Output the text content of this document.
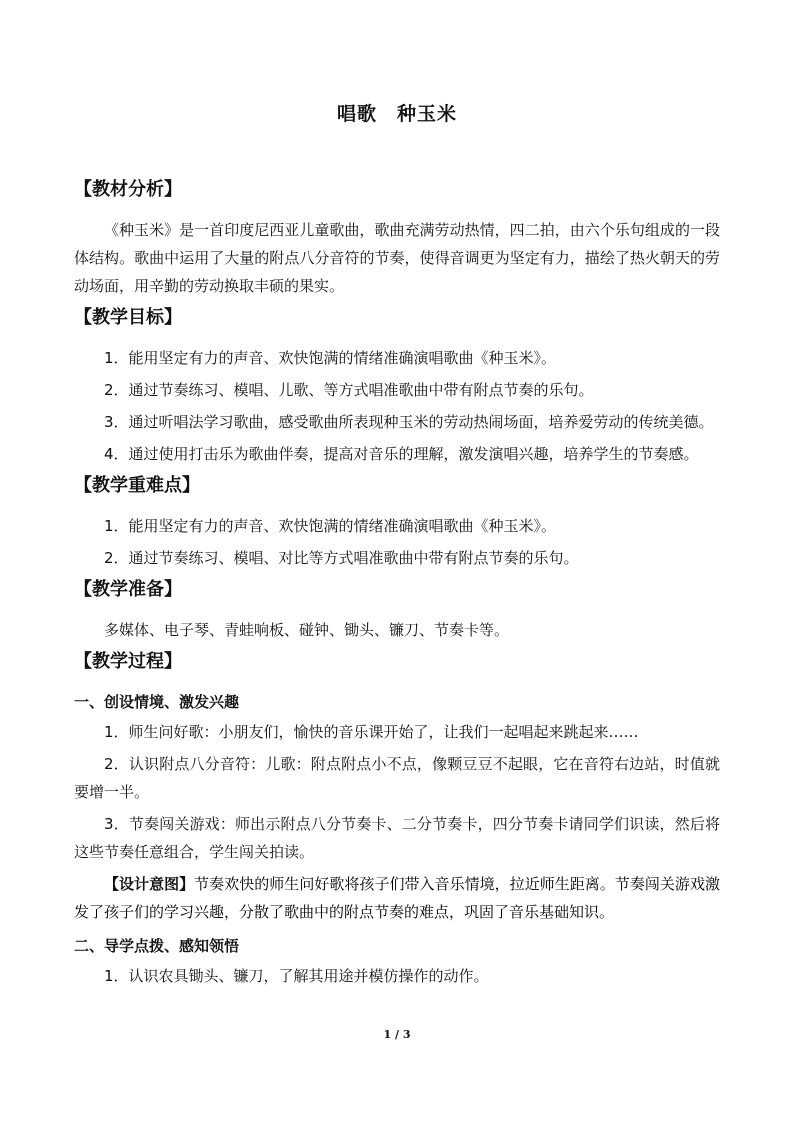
唱歌　种玉米
【教材分析】
《种玉米》是一首印度尼西亚儿童歌曲，歌曲充满劳动热情，四二拍，由六个乐句组成的一段体结构。歌曲中运用了大量的附点八分音符的节奏，使得音调更为坚定有力，描绘了热火朝天的劳动场面，用辛勤的劳动换取丰硕的果实。
【教学目标】
1．能用坚定有力的声音、欢快饱满的情绪准确演唱歌曲《种玉米》。
2．通过节奏练习、模唱、儿歌、等方式唱准歌曲中带有附点节奏的乐句。
3．通过听唱法学习歌曲，感受歌曲所表现种玉米的劳动热闹场面，培养爱劳动的传统美德。
4．通过使用打击乐为歌曲伴奏，提高对音乐的理解，激发演唱兴趣，培养学生的节奏感。
【教学重难点】
1．能用坚定有力的声音、欢快饱满的情绪准确演唱歌曲《种玉米》。
2．通过节奏练习、模唱、对比等方式唱准歌曲中带有附点节奏的乐句。
【教学准备】
多媒体、电子琴、青蛙响板、碰钟、锄头、镰刀、节奏卡等。
【教学过程】
一、创设情境、激发兴趣
1．师生问好歌：小朋友们，愉快的音乐课开始了，让我们一起唱起来跳起来……
2．认识附点八分音符：儿歌：附点附点小不点，像颗豆豆不起眼，它在音符右边站，时值就要增一半。
3．节奏闯关游戏：师出示附点八分节奏卡、二分节奏卡，四分节奏卡请同学们识读，然后将这些节奏任意组合，学生闯关拍读。
【设计意图】节奏欢快的师生问好歌将孩子们带入音乐情境，拉近师生距离。节奏闯关游戏激发了孩子们的学习兴趣，分散了歌曲中的附点节奏的难点，巩固了音乐基础知识。
二、导学点拨、感知领悟
1．认识农具锄头、镰刀，了解其用途并模仿操作的动作。
1 / 3
